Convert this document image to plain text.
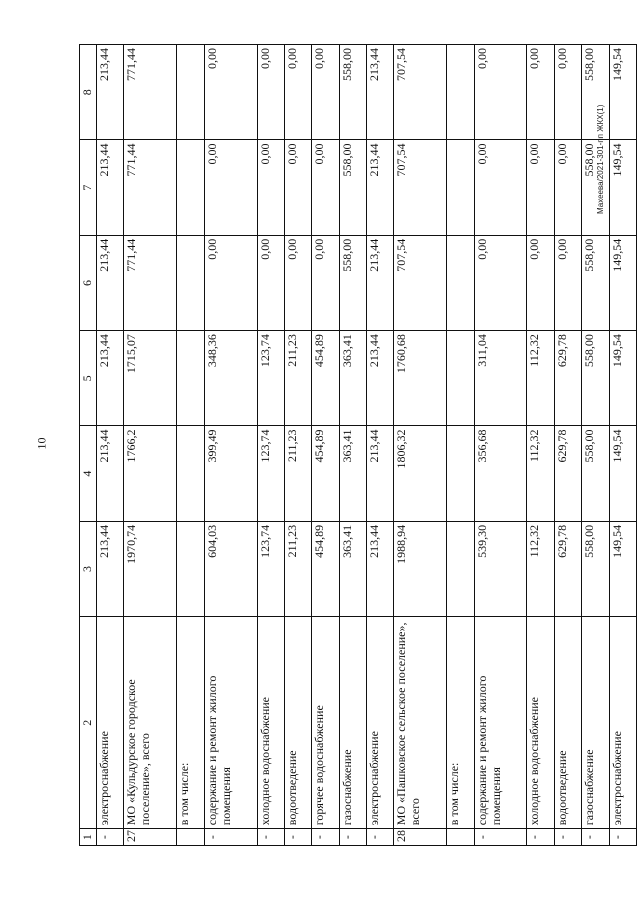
10
Махеева/2021-301-пп ЖКХ(1)
1	2	3	4	5	6	7	8
-	электроснабжение	213,44	213,44	213,44	213,44	213,44	213,44
27	МО «Кульдурское городское поселение», всего	1970,74	1766,2	1715,07	771,44	771,44	771,44
	в том числе:						
-	содержание и ремонт жилого помещения	604,03	399,49	348,36	0,00	0,00	0,00
-	холодное водоснабжение	123,74	123,74	123,74	0,00	0,00	0,00
-	водоотведение	211,23	211,23	211,23	0,00	0,00	0,00
-	горячее водоснабжение	454,89	454,89	454,89	0,00	0,00	0,00
-	газоснабжение	363,41	363,41	363,41	558,00	558,00	558,00
-	электроснабжение	213,44	213,44	213,44	213,44	213,44	213,44
28	МО «Пашковское сельское поселение», всего	1988,94	1806,32	1760,68	707,54	707,54	707,54
	в том числе:						
-	содержание и ремонт жилого помещения	539,30	356,68	311,04	0,00	0,00	0,00
-	холодное водоснабжение	112,32	112,32	112,32	0,00	0,00	0,00
-	водоотведение	629,78	629,78	629,78	0,00	0,00	0,00
-	газоснабжение	558,00	558,00	558,00	558,00	558,00	558,00
-	электроснабжение	149,54	149,54	149,54	149,54	149,54	149,54
